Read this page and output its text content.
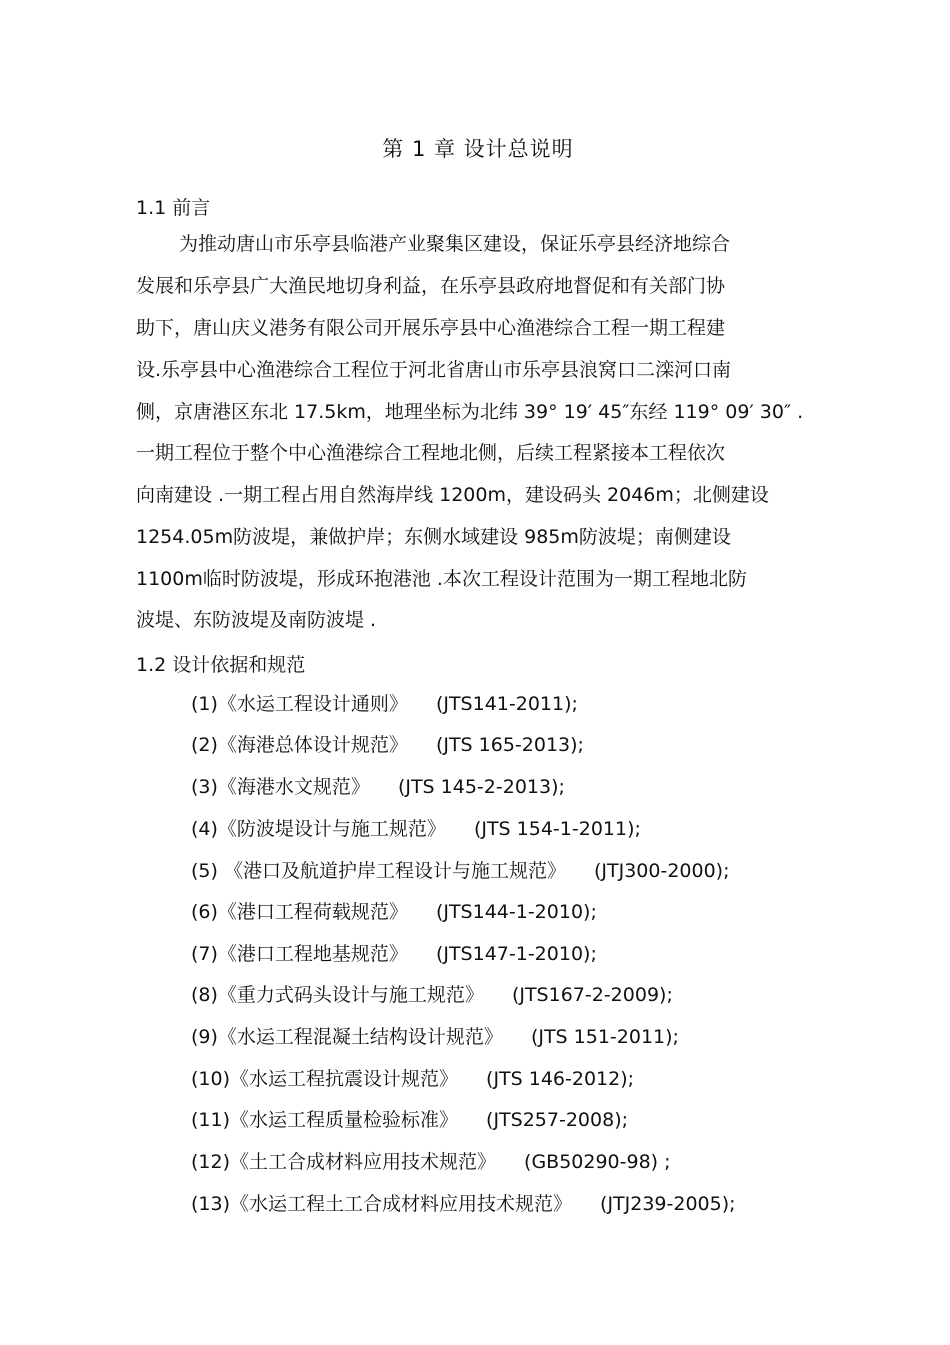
第 1 章 设计总说明
1.1 前言
为推动唐山市乐亭县临港产业聚集区建设，保证乐亭县经济地综合
发展和乐亭县广大渔民地切身利益，在乐亭县政府地督促和有关部门协
助下，唐山庆义港务有限公司开展乐亭县中心渔港综合工程一期工程建
设.乐亭县中心渔港综合工程位于河北省唐山市乐亭县浪窝口二滦河口南
侧，京唐港区东北 17.5km，地理坐标为北纬 39° 19′ 45″东经 119° 09′ 30″ .
一期工程位于整个中心渔港综合工程地北侧，后续工程紧接本工程依次
向南建设 .一期工程占用自然海岸线 1200m，建设码头 2046m；北侧建设
1254.05m防波堤，兼做护岸；东侧水域建设 985m防波堤；南侧建设
1100m临时防波堤，形成环抱港池 .本次工程设计范围为一期工程地北防
波堤、东防波堤及南防波堤 .
1.2 设计依据和规范
(1)《水运工程设计通则》 (JTS141-2011);
(2)《海港总体设计规范》 (JTS 165-2013);
(3)《海港水文规范》 (JTS 145-2-2013);
(4)《防波堤设计与施工规范》 (JTS 154-1-2011);
(5) 《港口及航道护岸工程设计与施工规范》 (JTJ300-2000);
(6)《港口工程荷载规范》 (JTS144-1-2010);
(7)《港口工程地基规范》 (JTS147-1-2010);
(8)《重力式码头设计与施工规范》 (JTS167-2-2009);
(9)《水运工程混凝土结构设计规范》 (JTS 151-2011);
(10)《水运工程抗震设计规范》 (JTS 146-2012);
(11)《水运工程质量检验标准》 (JTS257-2008);
(12)《土工合成材料应用技术规范》 (GB50290-98) ;
(13)《水运工程土工合成材料应用技术规范》 (JTJ239-2005);
